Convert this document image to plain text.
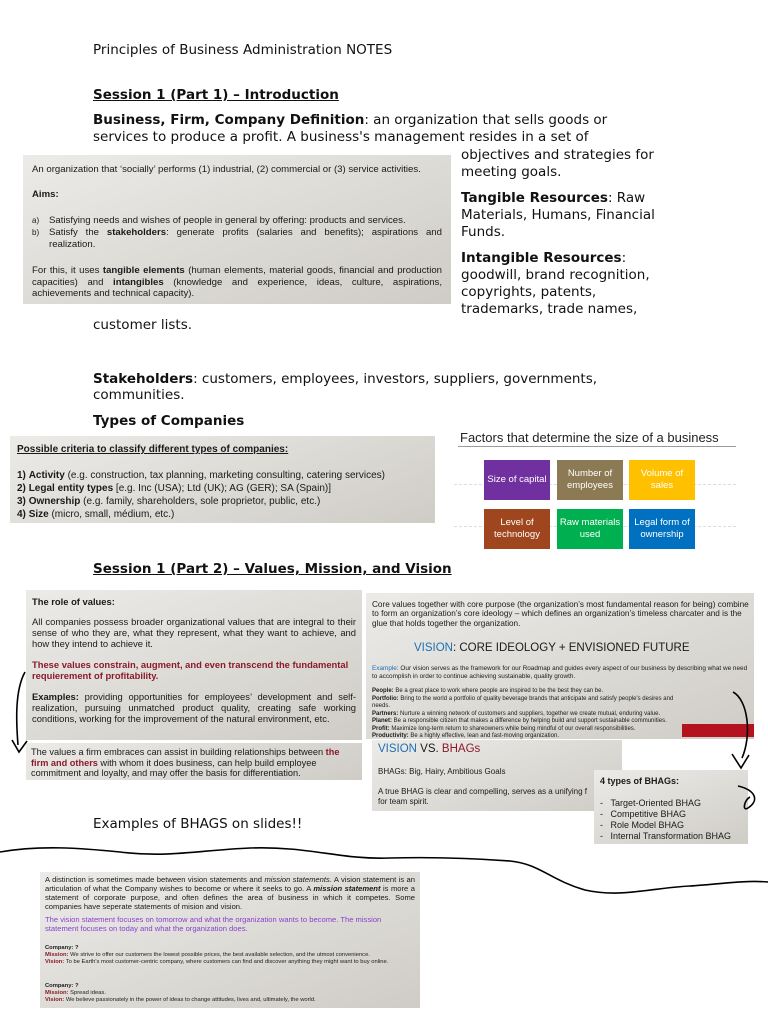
Principles of Business Administration NOTES
Session 1 (Part 1) – Introduction
Business, Firm, Company Definition: an organization that sells goods or
services to produce a profit. A business's management resides in a set of
objectives and strategies for
meeting goals.
Tangible Resources: Raw
Materials, Humans, Financial
Funds.
Intangible Resources:
goodwill, brand recognition,
copyrights, patents,
trademarks, trade names,
customer lists.

An organization that ‘socially’ performs (1) industrial, (2) commercial or (3) service activities.

Aims:

a) Satisfying needs and wishes of people in general by offering: products and services.
b)	Satisfy the stakeholders: generate profits (salaries and benefits); aspirations and realization.

For this, it uses tangible elements (human elements, material goods, financial and production capacities) and intangibles (knowledge and experience, ideas, culture, aspirations, achievements and technical capacity).

Stakeholders: customers, employees, investors, suppliers, governments,
communities.
Types of Companies

Possible criteria to classify different types of companies:

1) Activity (e.g. construction, tax planning, marketing consulting, catering services)
2) Legal entity types [e.g. Inc (USA); Ltd (UK); AG (GER); SA (Spain)]
3) Ownership (e.g. family, shareholders, sole proprietor, public, etc.)
4) Size (micro, small, médium, etc.)
Factors that determine the size of a business
Size of capital
Number of employees
Volume of sales
Level of technology
Raw materials used
Legal form of ownership
Session 1 (Part 2) – Values, Mission, and Vision

The role of values:

All companies possess broader organizational values that are integral to their sense of who they are, what they represent, what they want to achieve, and how they intend to achieve it.

These values constrain, augment, and even transcend the fundamental requierement of profitability.

Examples: providing opportunities for employees’ development and self-realization, pursuing unmatched product quality, creating safe working conditions, working for the improvement of the natural environment, etc.

The values a firm embraces can assist in building relationships between the firm and others with whom it does business, can help build employee commitment and loyalty, and may offer the basis for differentiation.

Core values together with core purpose (the organization’s most fundamental reason for being) combine to form an organization’s core ideology – which defines an organization’s timeless charcater and is the glue that holds together the organization.

VISION: CORE IDEOLOGY + ENVISIONED FUTURE

Example: Our vision serves as the framework for our Roadmap and guides every aspect of our business by describing what we need to accomplish in order to continue achieving sustainable, quality growth.

People: Be a great place to work where people are inspired to be the best they can be.
Portfolio: Bring to the world a portfolio of quality beverage brands that anticipate and satisfy people's desires and needs.
Partners: Nurture a winning network of customers and suppliers, together we create mutual, enduring value.
Planet: Be a responsible citizen that makes a difference by helping build and support sustainable communities.
Profit: Maximize long-term return to shareowners while being mindful of our overall responsibilities.
Productivity: Be a highly effective, lean and fast-moving organization.

VISION VS. BHAGs

BHAGs: Big, Hairy, Ambitious Goals

A true BHAG is clear and compelling, serves as a unifying f

for team spirit.

4 types of BHAGs:

-   Target-Oriented BHAG
-   Competitive BHAG
-   Role Model BHAG
-   Internal Transformation BHAG
Examples of BHAGS on slides!!

A distinction is sometimes made between vision statements and mission statements. A vision statement is an articulation of what the Company wishes to become or where it seeks to go. A mission statement is more a statement of corporate purpose, and often defines the area of business in which it competes. Some companies have seperate statements of mision and vision.

The vision statement focuses on tomorrow and what the organization wants to become. The mission statement focuses on today and what the organization does.

Company: ?
Mission: We strive to offer our customers the lowest possible prices, the best available selection, and the utmost convenience.
Vision: To be Earth's most customer-centric company, where customers can find and discover anything they might want to buy online.
Company: ?
Mission: Spread ideas.
Vision: We believe passionately in the power of ideas to change attitudes, lives and, ultimately, the world.
